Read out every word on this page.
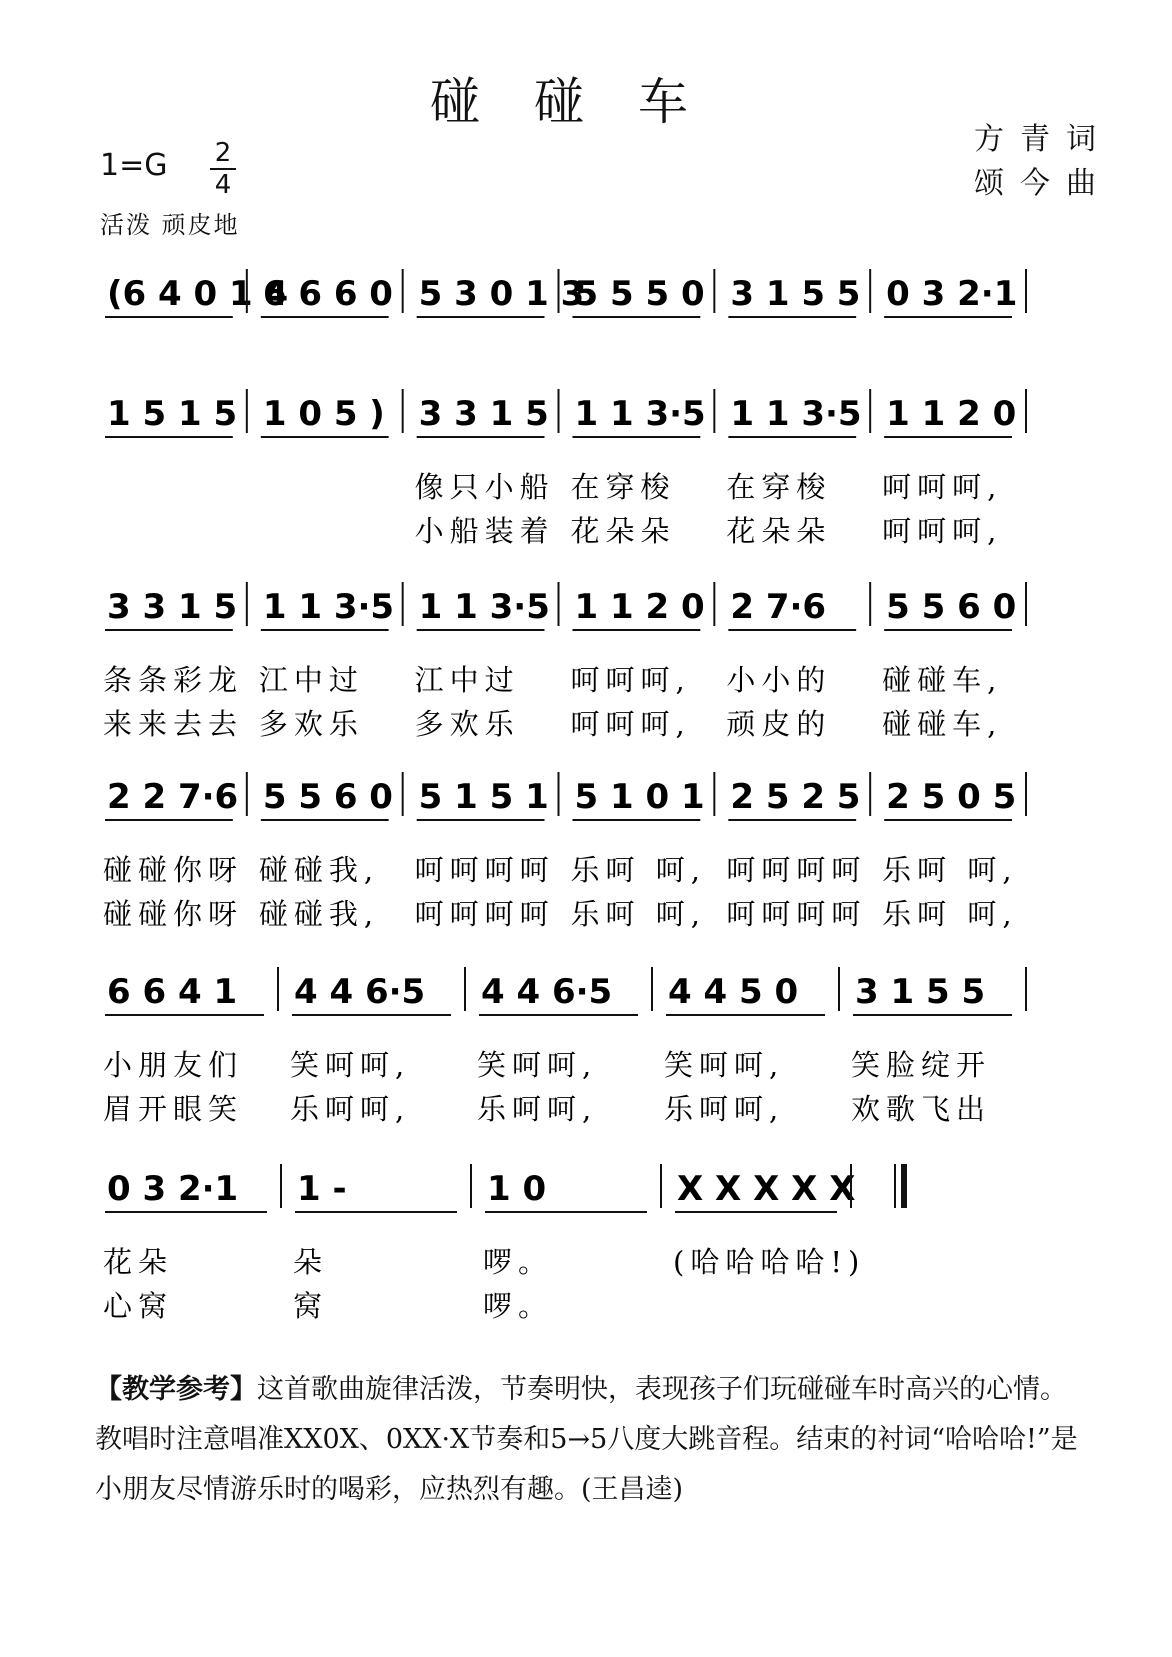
碰碰车
方青词
颂今曲
1=G 2
4
活泼 顽皮地
(6 4 0 1 4
6 6 6 0 5 3 0 1 3
5 5 5 0 3 1 5 5 0 3 2·1
1 5 1 5 1 0 5 ) 3 3 1 5
像只小船
小船装着
1 1 3·5
在穿梭
花朵朵
1 1 3·5
在穿梭
花朵朵
1 1 2 0
呵呵呵,
呵呵呵,
3 3 1 5
条条彩龙
来来去去
1 1 3·5
江中过
多欢乐
1 1 3·5
江中过
多欢乐
1 1 2 0
呵呵呵,
呵呵呵,
2 7·6
小小的
顽皮的
5 5 6 0
碰碰车,
碰碰车,
2 2 7·6
碰碰你呀
碰碰你呀
5 5 6 0
碰碰我,
碰碰我,
5 1 5 1
呵呵呵呵
呵呵呵呵
5 1 0 1
乐呵 呵,
乐呵 呵,
2 5 2 5
呵呵呵呵
呵呵呵呵
2 5 0 5
乐呵 呵,
乐呵 呵,
6 6 4 1
小朋友们
眉开眼笑
4 4 6·5
笑呵呵,
乐呵呵,
4 4 6·5
笑呵呵,
乐呵呵,
4 4 5 0
笑呵呵,
乐呵呵,
3 1 5 5
笑脸绽开
欢歌飞出
0 3 2·1
花朵
心窝
1 -
朵
窝
1 0
啰。
啰。
X X X X X
(哈哈哈哈!)
【教学参考】这首歌曲旋律活泼，节奏明快，表现孩子们玩碰碰车时高兴的心情。教唱时注意唱准XX0X、0XX·X节奏和5→5八度大跳音程。结束的衬词“哈哈哈!”是小朋友尽情游乐时的喝彩，应热烈有趣。(王昌逵)
